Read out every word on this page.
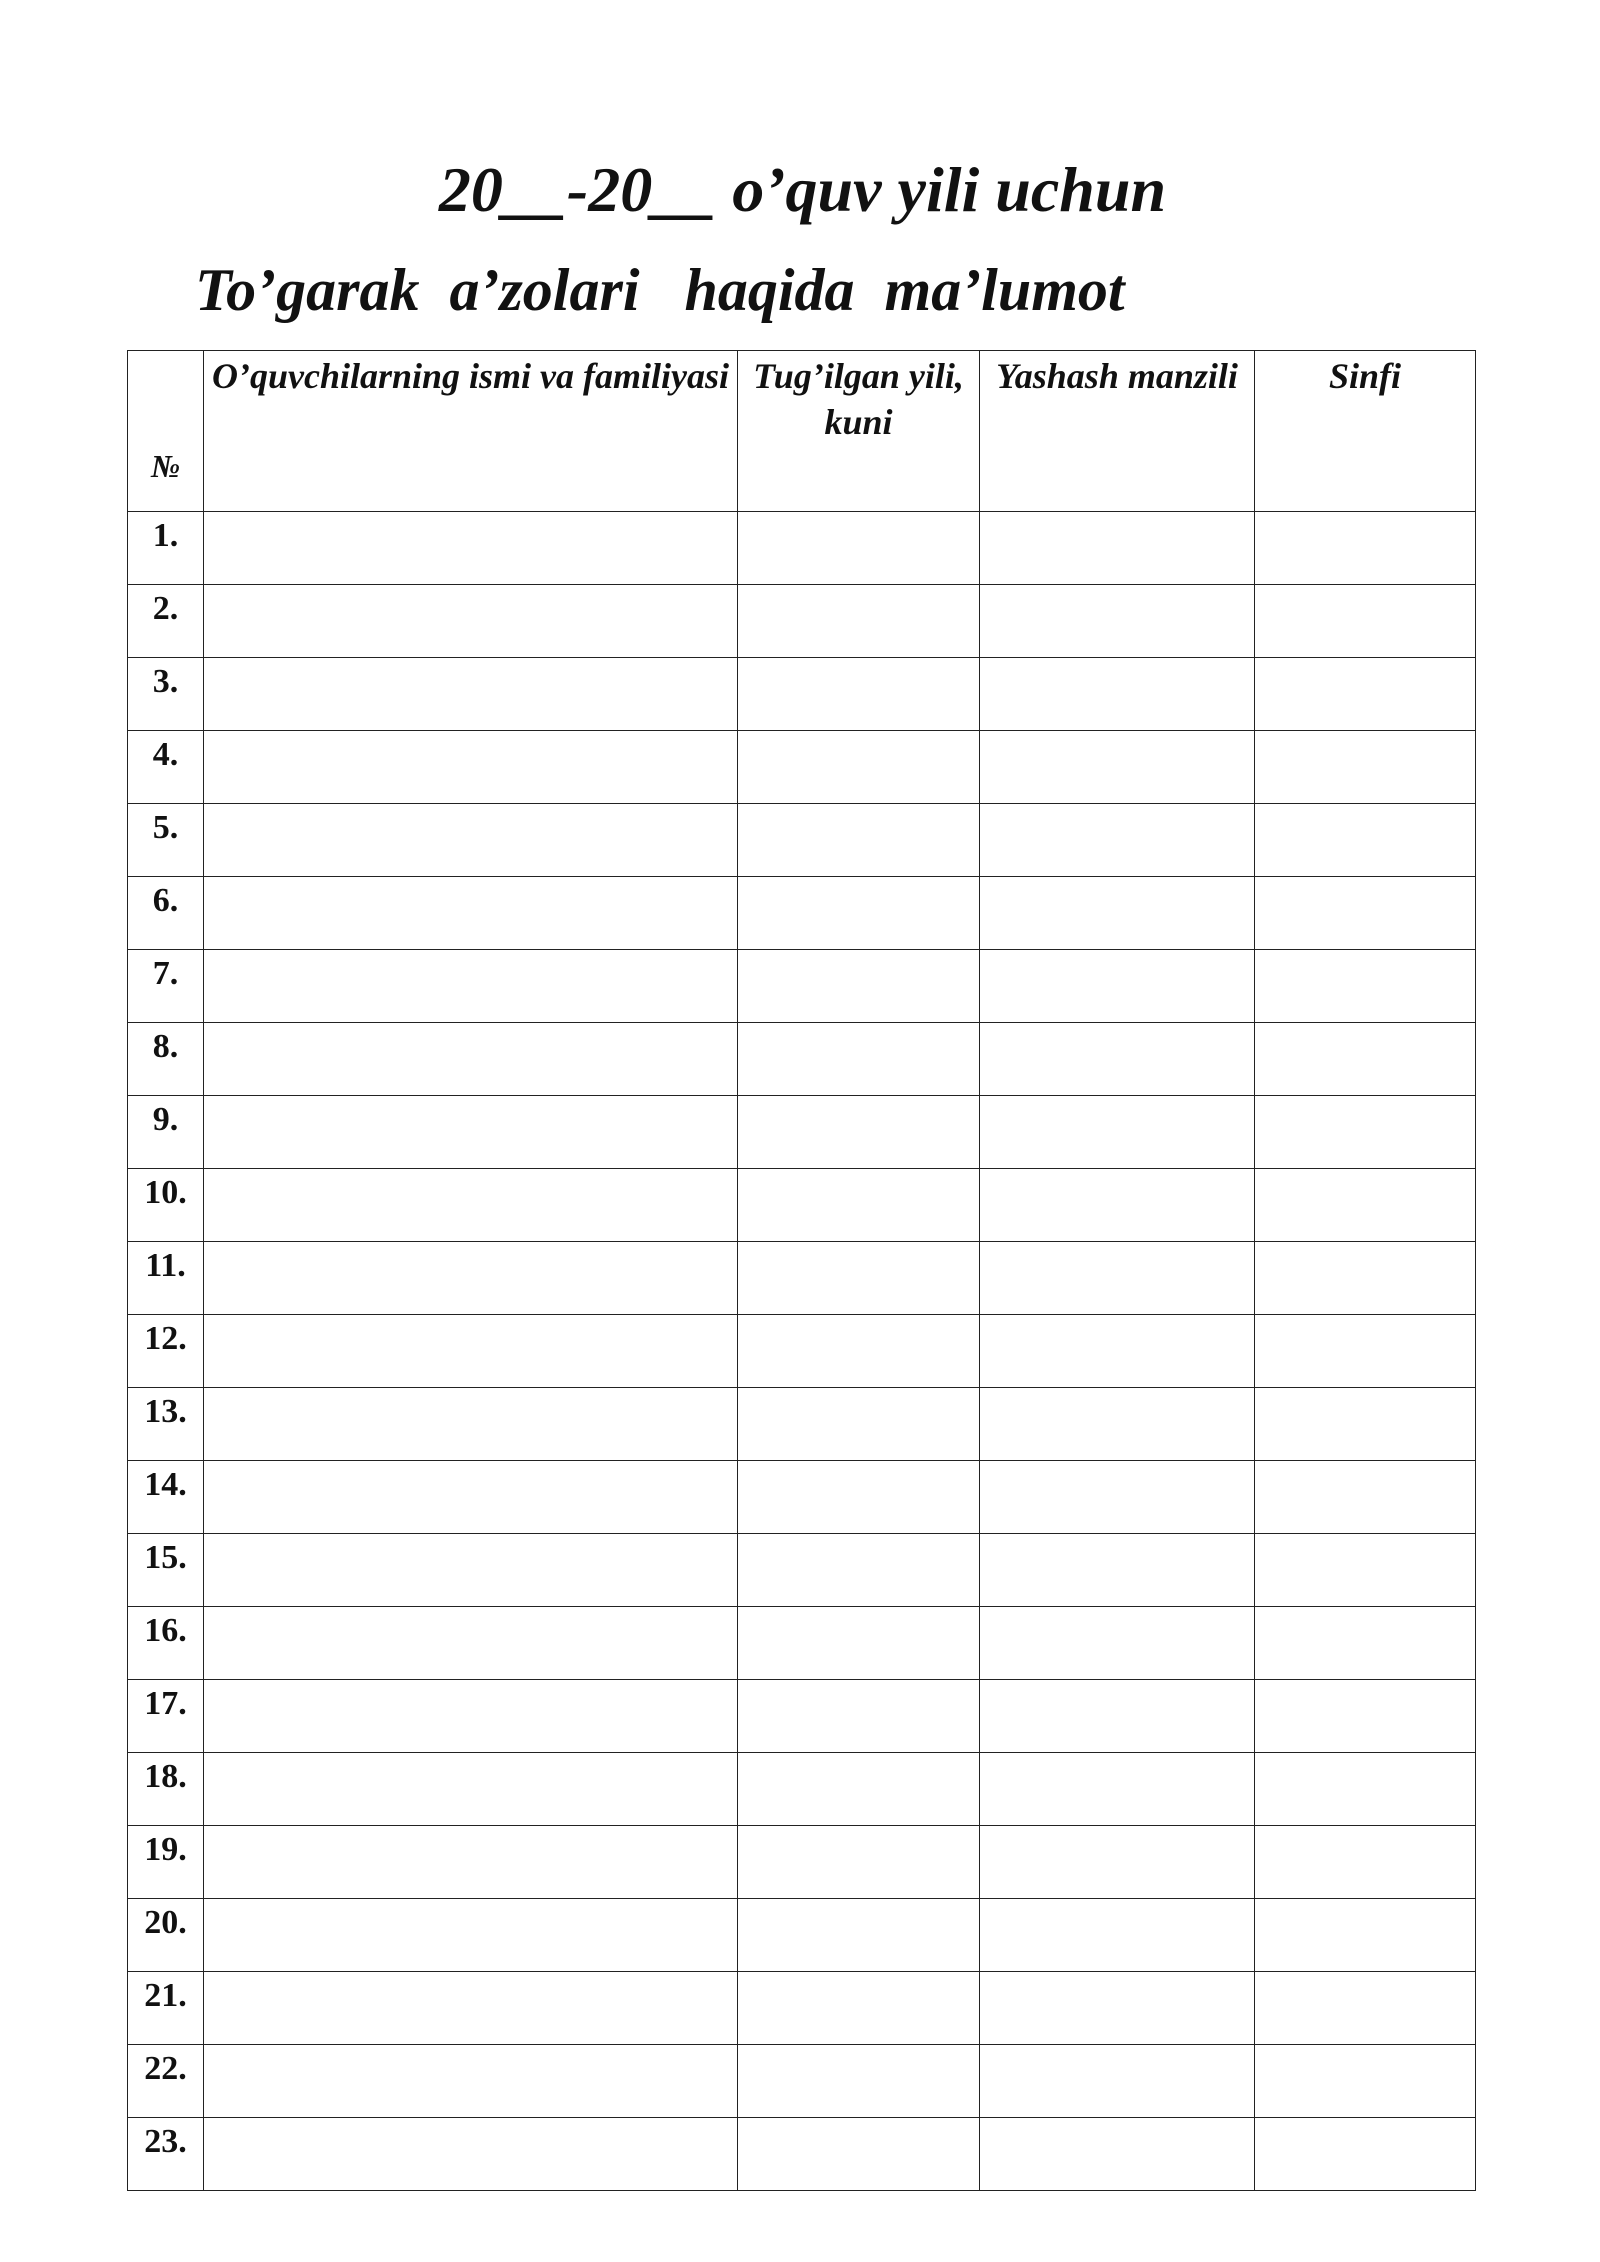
20__-20__ o’quv yili uchun
To’garak  a’zolari   haqida  ma’lumot
№	O’quvchilarning ismi va familiyasi	Tug’ilgan yili, kuni	Yashash manzili	Sinfi

1.				
2.				
3.				
4.				
5.				
6.				
7.				
8.				
9.				
10.				
11.				
12.				
13.				
14.				
15.				
16.				
17.				
18.				
19.				
20.				
21.				
22.				
23.				
